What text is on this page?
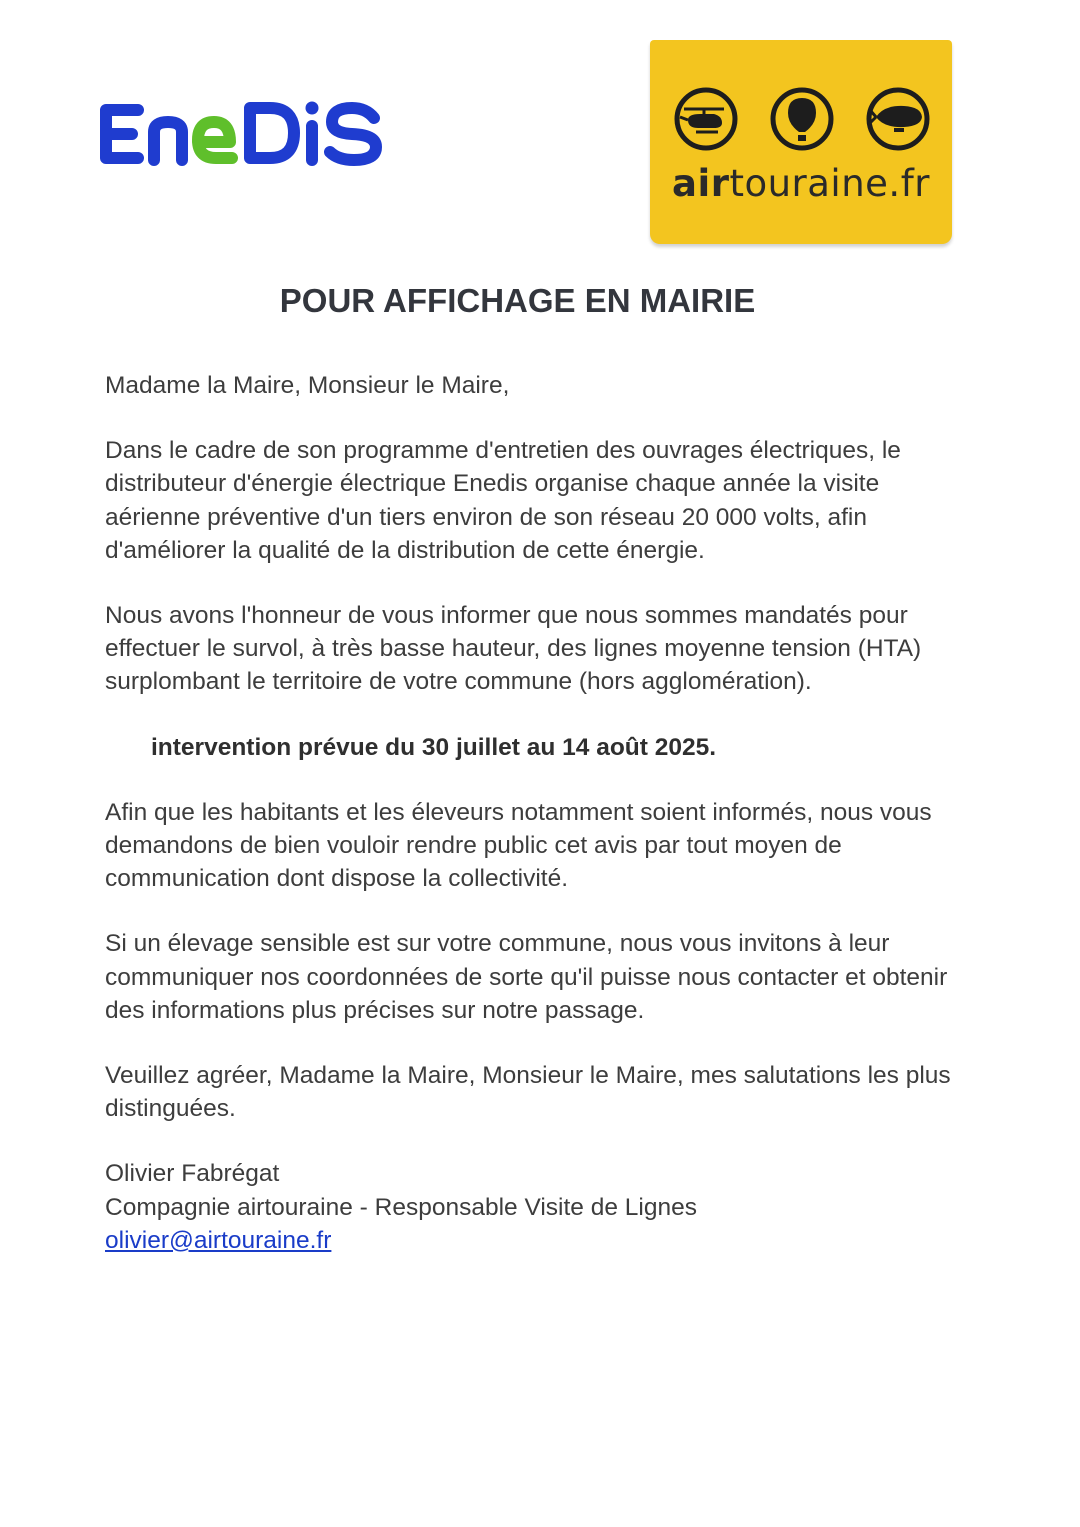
airtouraine.fr
POUR AFFICHAGE EN MAIRIE

Madame la Maire, Monsieur le Maire,

Dans le cadre de son programme d'entretien des ouvrages électriques, le distributeur d'énergie électrique Enedis organise chaque année la visite aérienne préventive d'un tiers environ de son réseau 20 000 volts, afin d'améliorer la qualité de la distribution de cette énergie.

Nous avons l'honneur de vous informer que nous sommes mandatés pour effectuer le survol, à très basse hauteur, des lignes moyenne tension (HTA) surplombant le territoire de votre commune (hors agglomération).

intervention prévue du 30 juillet au 14 août 2025.

Afin que les habitants et les éleveurs notamment soient informés, nous vous demandons de bien vouloir rendre public cet avis par tout moyen de communication dont dispose la collectivité.

Si un élevage sensible est sur votre commune, nous vous invitons à leur communiquer nos coordonnées de sorte qu'il puisse nous contacter et obtenir des informations plus précises sur notre passage.

Veuillez agréer, Madame la Maire, Monsieur le Maire, mes salutations les plus distinguées.

Olivier Fabrégat

Compagnie airtouraine - Responsable Visite de Lignes

olivier@airtouraine.fr
